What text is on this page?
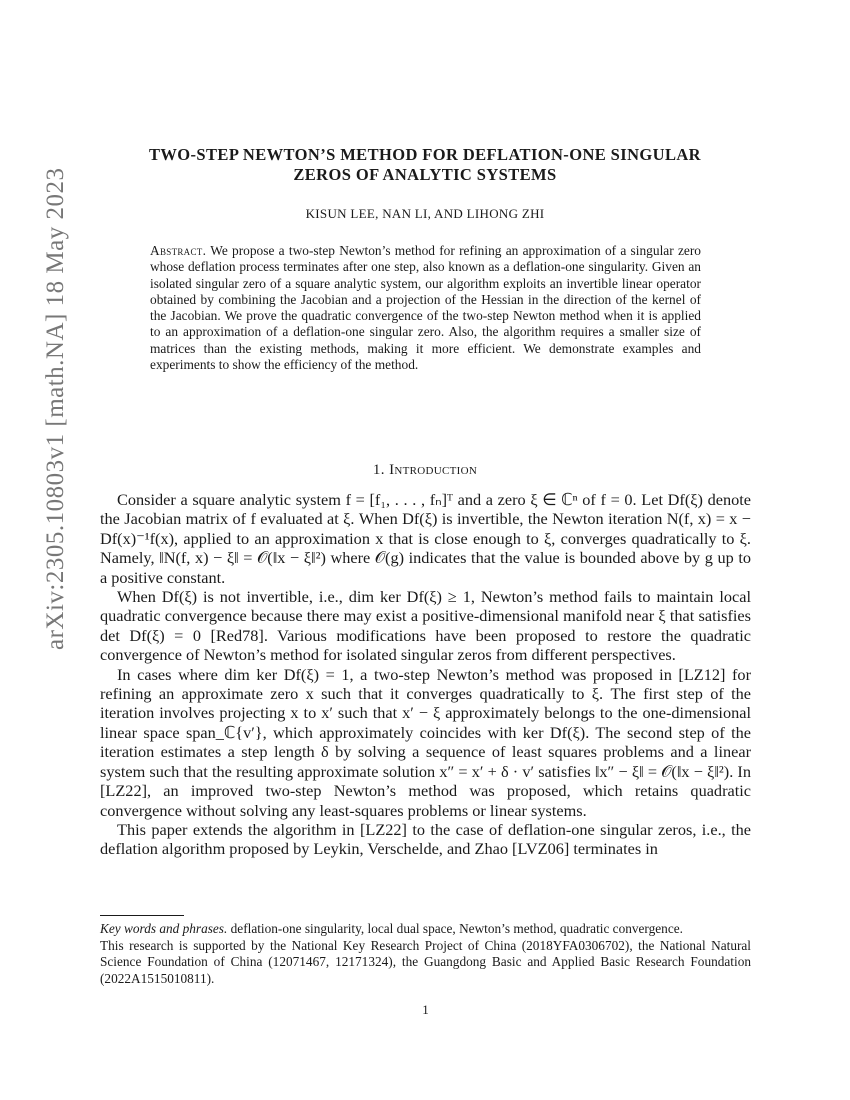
arXiv:2305.10803v1 [math.NA] 18 May 2023
TWO-STEP NEWTON’S METHOD FOR DEFLATION-ONE SINGULAR
ZEROS OF ANALYTIC SYSTEMS
KISUN LEE, NAN LI, AND LIHONG ZHI
Abstract. We propose a two-step Newton’s method for refining an approximation of a singular zero whose deflation process terminates after one step, also known as a deflation-one singularity. Given an isolated singular zero of a square analytic system, our algorithm exploits an invertible linear operator obtained by combining the Jacobian and a projection of the Hessian in the direction of the kernel of the Jacobian. We prove the quadratic convergence of the two-step Newton method when it is applied to an approximation of a deflation-one singular zero. Also, the algorithm requires a smaller size of matrices than the existing methods, making it more efficient. We demonstrate examples and experiments to show the efficiency of the method.
1. Introduction

Consider a square analytic system f = [f₁, . . . , fₙ]ᵀ and a zero ξ ∈ ℂⁿ of f = 0. Let Df(ξ) denote the Jacobian matrix of f evaluated at ξ. When Df(ξ) is invertible, the Newton iteration N(f, x) = x − Df(x)⁻¹f(x), applied to an approximation x that is close enough to ξ, converges quadratically to ξ. Namely, ‖N(f, x) − ξ‖ = 𝒪(‖x − ξ‖²) where 𝒪(g) indicates that the value is bounded above by g up to a positive constant.

When Df(ξ) is not invertible, i.e., dim ker Df(ξ) ≥ 1, Newton’s method fails to maintain local quadratic convergence because there may exist a positive-dimensional manifold near ξ that satisfies det Df(ξ) = 0 [Red78]. Various modifications have been proposed to restore the quadratic convergence of Newton’s method for isolated singular zeros from different perspectives.

In cases where dim ker Df(ξ) = 1, a two-step Newton’s method was proposed in [LZ12] for refining an approximate zero x such that it converges quadratically to ξ. The first step of the iteration involves projecting x to x′ such that x′ − ξ approximately belongs to the one-dimensional linear space span_ℂ{v′}, which approximately coincides with ker Df(ξ). The second step of the iteration estimates a step length δ by solving a sequence of least squares problems and a linear system such that the resulting approximate solution x″ = x′ + δ · v′ satisfies ‖x″ − ξ‖ = 𝒪(‖x − ξ‖²). In [LZ22], an improved two-step Newton’s method was proposed, which retains quadratic convergence without solving any least-squares problems or linear systems.

This paper extends the algorithm in [LZ22] to the case of deflation-one singular zeros, i.e., the deflation algorithm proposed by Leykin, Verschelde, and Zhao [LVZ06] terminates in

Key words and phrases. deflation-one singularity, local dual space, Newton’s method, quadratic convergence.

This research is supported by the National Key Research Project of China (2018YFA0306702), the National Natural Science Foundation of China (12071467, 12171324), the Guangdong Basic and Applied Basic Research Foundation (2022A1515010811).

1
